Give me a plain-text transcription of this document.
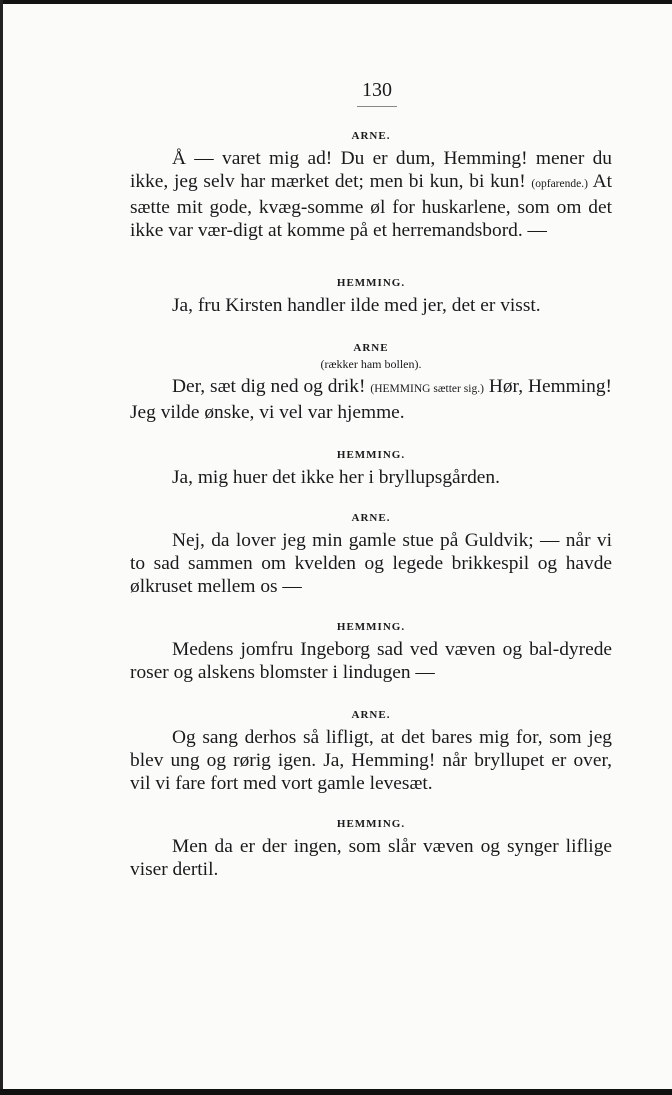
130

ARNE.

Å — varet mig ad! Du er dum, Hemming! mener du ikke, jeg selv har mærket det; men bi kun, bi kun! (opfarende.) At sætte mit gode, kvæg-somme øl for huskarlene, som om det ikke var vær-digt at komme på et herremandsbord. —

HEMMING.

Ja, fru Kirsten handler ilde med jer, det er visst.

ARNE

(rækker ham bollen).

Der, sæt dig ned og drik! (HEMMING sætter sig.) Hør, Hemming! Jeg vilde ønske, vi vel var hjemme.

HEMMING.

Ja, mig huer det ikke her i bryllupsgården.

ARNE.

Nej, da lover jeg min gamle stue på Guldvik; — når vi to sad sammen om kvelden og legede brikkespil og havde ølkruset mellem os —

HEMMING.

Medens jomfru Ingeborg sad ved væven og bal-dyrede roser og alskens blomster i lindugen —

ARNE.

Og sang derhos så lifligt, at det bares mig for, som jeg blev ung og rørig igen. Ja, Hemming! når bryllupet er over, vil vi fare fort med vort gamle levesæt.

HEMMING.

Men da er der ingen, som slår væven og synger liflige viser dertil.
